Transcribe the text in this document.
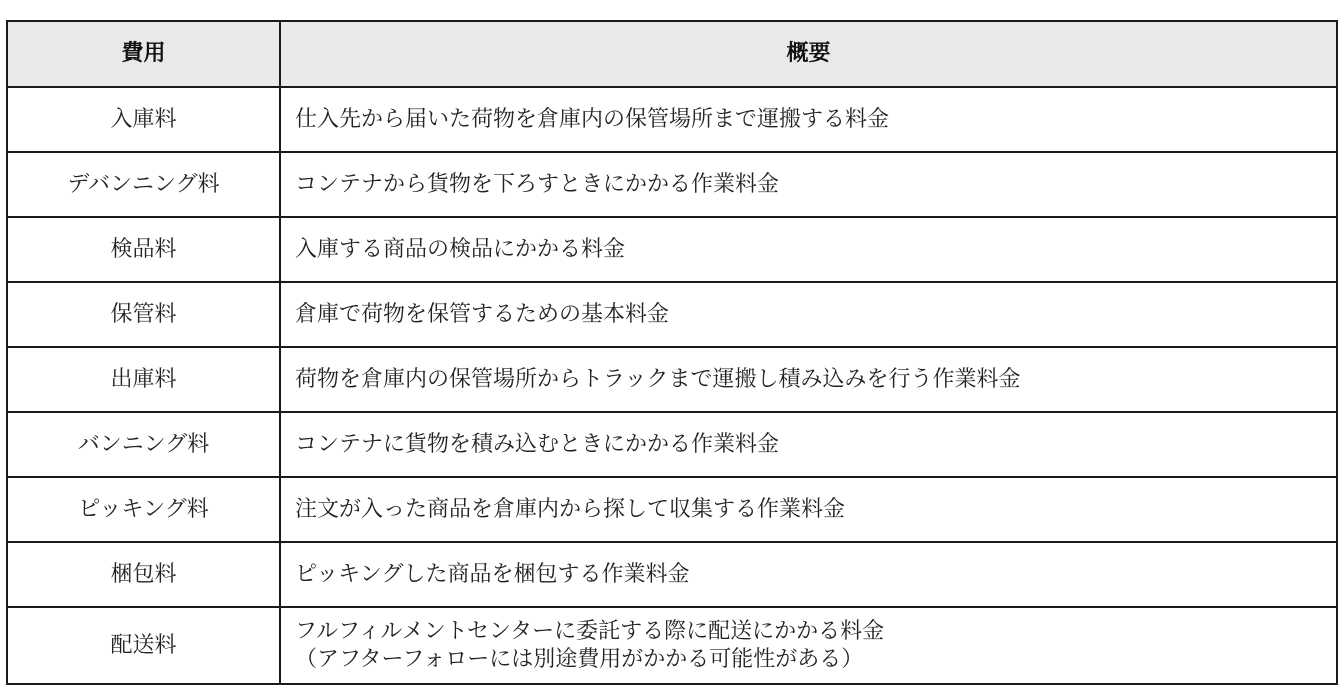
費用	概要
入庫料	仕入先から届いた荷物を倉庫内の保管場所まで運搬する料金

デバンニング料	コンテナから貨物を下ろすときにかかる作業料金

検品料	入庫する商品の検品にかかる料金

保管料	倉庫で荷物を保管するための基本料金

出庫料	荷物を倉庫内の保管場所からトラックまで運搬し積み込みを行う作業料金

バンニング料	コンテナに貨物を積み込むときにかかる作業料金

ピッキング料	注文が入った商品を倉庫内から探して収集する作業料金

梱包料	ピッキングした商品を梱包する作業料金

配送料	フルフィルメントセンターに委託する際に配送にかかる料金
（アフターフォローには別途費用がかかる可能性がある）
